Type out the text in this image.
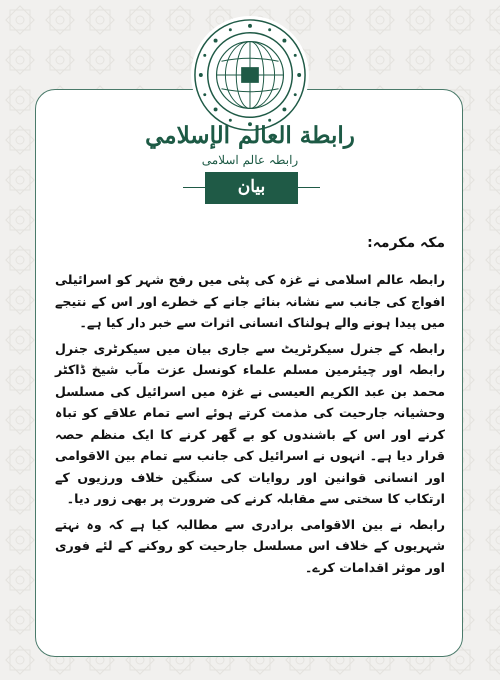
رابطة العالم الإسلامي
رابطہ عالم اسلامی
بیان

مکہ مکرمہ:

رابطہ عالم اسلامی نے غزہ کی پٹی میں رفح شہر کو اسرائیلی افواج کی جانب سے نشانہ بنائے جانے کے خطرے اور اس کے نتیجے میں پیدا ہونے والے ہولناک انسانی اثرات سے خبر دار کیا ہے۔

رابطہ کے جنرل سیکرٹریٹ سے جاری بیان میں سیکرٹری جنرل رابطہ اور چیئرمین مسلم علماء کونسل عزت مآب شیخ ڈاکٹر محمد بن عبد الکریم العیسی نے غزہ میں اسرائیل کی مسلسل وحشیانہ جارحیت کی مذمت کرتے ہوئے اسے تمام علاقے کو تباہ کرنے اور اس کے باشندوں کو بے گھر کرنے کا ایک منظم حصہ قرار دیا ہے۔ انہوں نے اسرائیل کی جانب سے تمام بین الاقوامی اور انسانی قوانین اور روایات کی سنگین خلاف ورزیوں کے ارتکاب کا سختی سے مقابلہ کرنے کی ضرورت پر بھی زور دیا۔

رابطہ نے بین الاقوامی برادری سے مطالبہ کیا ہے کہ وہ نہتے شہریوں کے خلاف اس مسلسل جارحیت کو روکنے کے لئے فوری اور موثر اقدامات کرے۔
